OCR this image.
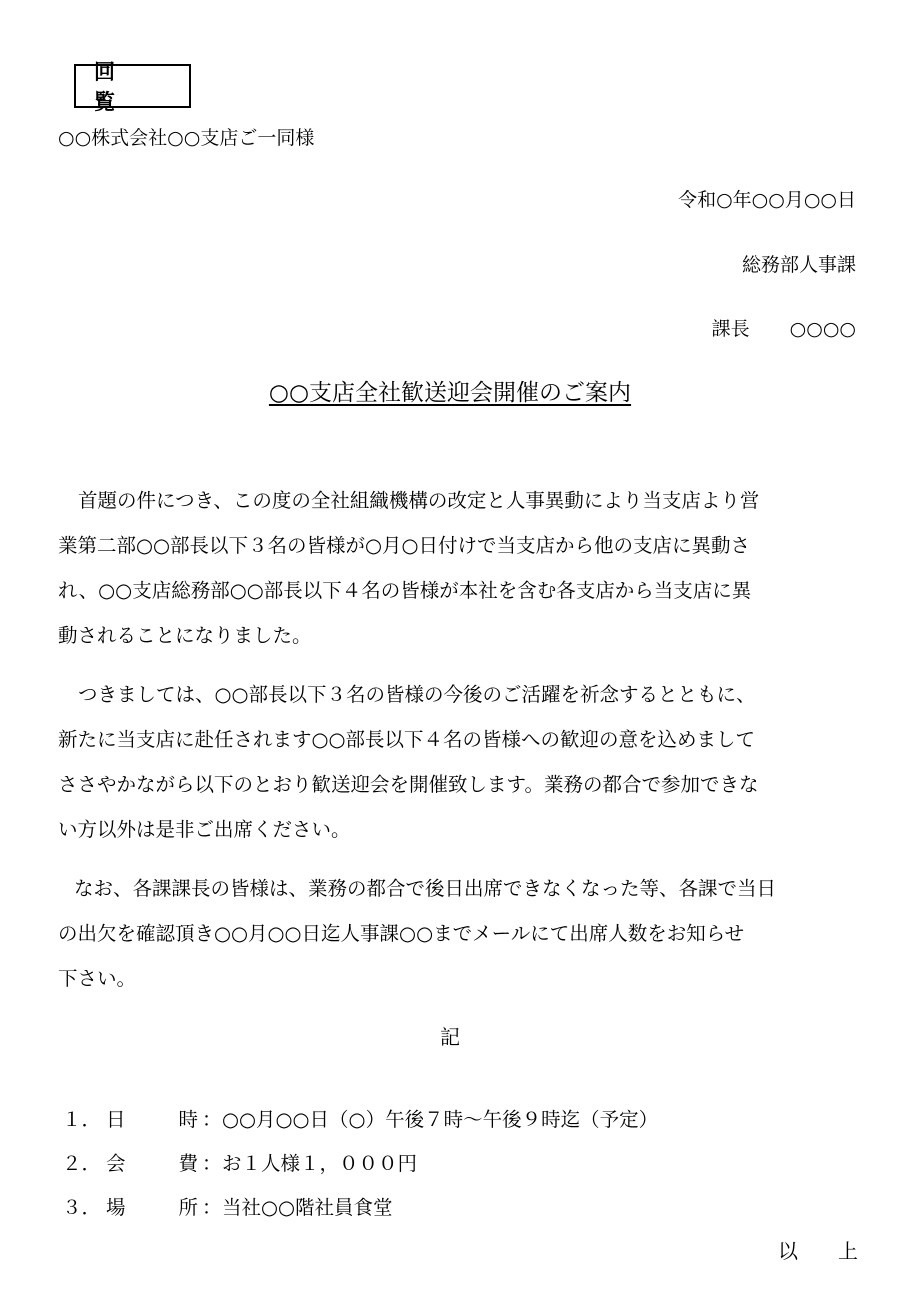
回　覧
○○株式会社○○支店ご一同様
令和○年○○月○○日
総務部人事課
課長 ○○○○
○○支店全社歓送迎会開催のご案内
首題の件につき、この度の全社組織機構の改定と人事異動により当支店より営
業第二部○○部長以下３名の皆様が○月○日付けで当支店から他の支店に異動さ
れ、○○支店総務部○○部長以下４名の皆様が本社を含む各支店から当支店に異
動されることになりました。
つきましては、○○部長以下３名の皆様の今後のご活躍を祈念するとともに、
新たに当支店に赴任されます○○部長以下４名の皆様への歓迎の意を込めまして
ささやかながら以下のとおり歓送迎会を開催致します。業務の都合で参加できな
い方以外は是非ご出席ください。
なお、各課課長の皆様は、業務の都合で後日出席できなくなった等、各課で当日
の出欠を確認頂き○○月○○日迄人事課○○までメールにて出席人数をお知らせ
下さい。
記
１． 日	時 ： ○○月○○日（○）午後７時～午後９時迄（予定）
２． 会	費 ： お１人様１，０００円
３． 場	所 ： 当社○○階社員食堂
以 上
